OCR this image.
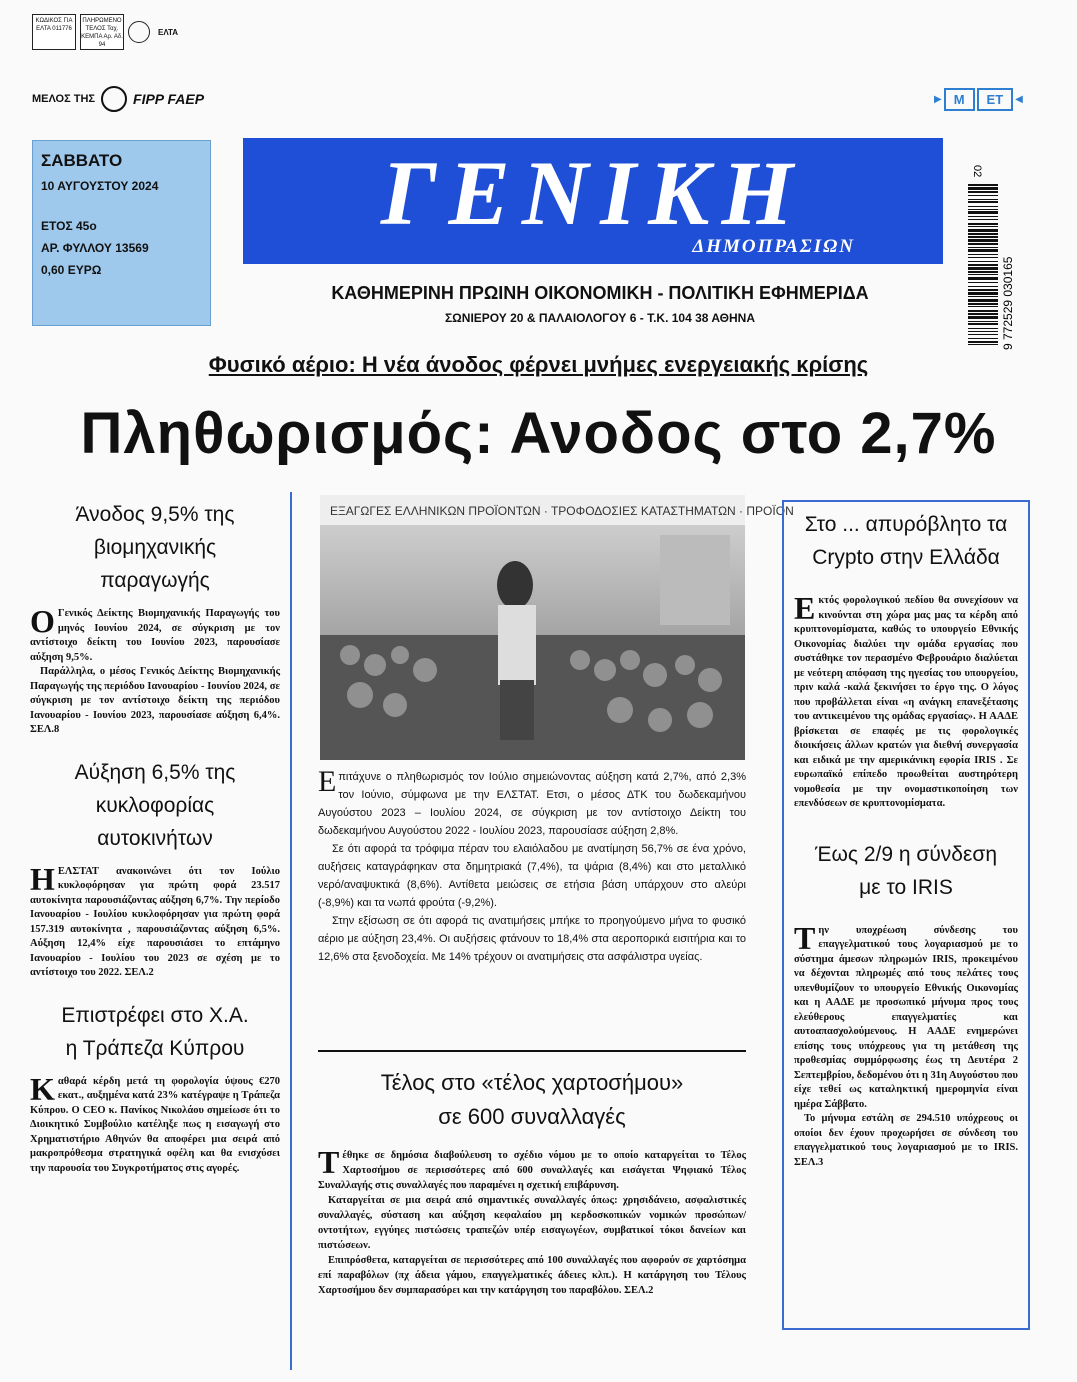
ΚΩΔΙΚΟΣ ΓΙΑ ΕΛΤΑ 011776
ΠΛΗΡΩΜΕΝΟ ΤΕΛΟΣ Ταχ. ΚΕΜΠΑ Αρ. Αδ. 94
ΕΛΤΑ
ΜΕΛΟΣ ΤΗΣ	FIPP FAEP	▶ M	ET	◀
ΣΑΒΒΑΤΟ
10 ΑΥΓΟΥΣΤΟΥ 2024
ΕΤΟΣ 45ο
ΑΡ. ΦΥΛΛΟΥ 13569
0,60 ΕΥΡΩ
ΓΕΝΙΚΗ
ΔΗΜΟΠΡΑΣΙΩΝ
ΚΑΘΗΜΕΡΙΝΗ ΠΡΩΙΝΗ ΟΙΚΟΝΟΜΙΚΗ - ΠΟΛΙΤΙΚΗ ΕΦΗΜΕΡΙΔΑ
ΣΩΝΙΕΡΟΥ 20 & ΠΑΛΑΙΟΛΟΓΟΥ 6 - Τ.Κ. 104 38 ΑΘΗΝΑ
02
9 772529 030165
Φυσικό αέριο: Η νέα άνοδος φέρνει μνήμες ενεργειακής κρίσης
Πληθωρισμός: Ανοδος στο 2,7%
Άνοδος 9,5% της βιομηχανικής παραγωγής
Ο Γενικός Δείκτης Βιομηχανικής Παραγωγής του μηνός Ιουνίου 2024, σε σύγκριση με τον αντίστοιχο δείκτη του Ιουνίου 2023, παρουσίασε αύξηση 9,5%.

Παράλληλα, ο μέσος Γενικός Δείκτης Βιομηχανικής Παραγωγής της περιόδου Ιανουαρίου - Ιουνίου 2024, σε σύγκριση με τον αντίστοιχο δείκτη της περιόδου Ιανουαρίου - Ιουνίου 2023, παρουσίασε αύξηση 6,4%. ΣΕΛ.8

Αύξηση 6,5% της κυκλοφορίας αυτοκινήτων
Η ΕΛΣΤΑΤ ανακοινώνει ότι τον Ιούλιο κυκλοφόρησαν για πρώτη φορά 23.517 αυτοκίνητα παρουσιάζοντας αύξηση 6,7%. Την περίοδο Ιανουαρίου - Ιουλίου κυκλοφόρησαν για πρώτη φορά 157.319 αυτοκίνητα , παρουσιάζοντας αύξηση 6,5%. Αύξηση 12,4% είχε παρουσιάσει το επτάμηνο Ιανουαρίου - Ιουλίου του 2023 σε σχέση με το αντίστοιχο του 2022. ΣΕΛ.2

Επιστρέφει στο Χ.Α. η Τράπεζα Κύπρου
Κ αθαρά κέρδη μετά τη φορολογία ύψους €270 εκατ., αυξημένα κατά 23% κατέγραψε η Τράπεζα Κύπρου. Ο CEO κ. Πανίκος Νικολάου σημείωσε ότι το Διοικητικό Συμβούλιο κατέληξε πως η εισαγωγή στο Χρηματιστήριο Αθηνών θα αποφέρει μια σειρά από μακροπρόθεσμα στρατηγικά οφέλη και θα ενισχύσει την παρουσία του Συγκροτήματος στις αγορές.

ΕΞΑΓΩΓΕΣ ΕΛΛΗΝΙΚΩΝ ΠΡΟΪΟΝΤΩΝ · ΤΡΟΦΟΔΟΣΙΕΣ ΚΑΤΑΣΤΗΜΑΤΩΝ · ΠΡΟΪΟΝ
Ε πιτάχυνε ο πληθωρισμός τον Ιούλιο σημειώνοντας αύξηση κατά 2,7%, από 2,3% τον Ιούνιο, σύμφωνα με την ΕΛΣΤΑΤ. Ετσι, ο μέσος ΔΤΚ του δωδεκαμήνου Αυγούστου 2023 – Ιουλίου 2024, σε σύγκριση με τον αντίστοιχο Δείκτη του δωδεκαμήνου Αυγούστου 2022 - Ιουλίου 2023, παρουσίασε αύξηση 2,8%.

Σε ότι αφορά τα τρόφιμα πέραν του ελαιόλαδου με ανατίμηση 56,7% σε ένα χρόνο, αυξήσεις καταγράφηκαν στα δημητριακά (7,4%), τα ψάρια (8,4%) και στο μεταλλικό νερό/αναψυκτικά (8,6%). Αντίθετα μειώσεις σε ετήσια βάση υπάρχουν στο αλεύρι (-8,9%) και τα νωπά φρούτα (-9,2%).

Στην εξίσωση σε ότι αφορά τις ανατιμήσεις μπήκε το προηγούμενο μήνα το φυσικό αέριο με αύξηση 23,4%. Οι αυξήσεις φτάνουν το 18,4% στα αεροπορικά εισιτήρια και το 12,6% στα ξενοδοχεία. Με 14% τρέχουν οι ανατιμήσεις στα ασφάλιστρα υγείας.

Τέλος στο «τέλος χαρτοσήμου» σε 600 συναλλαγές
Τ έθηκε σε δημόσια διαβούλευση το σχέδιο νόμου με το οποίο καταργείται το Τέλος Χαρτοσήμου σε περισσότερες από 600 συναλλαγές και εισάγεται Ψηφιακό Τέλος Συναλλαγής στις συναλλαγές που παραμένει η σχετική επιβάρυνση.

Καταργείται σε μια σειρά από σημαντικές συναλλαγές όπως: χρησιδάνειο, ασφαλιστικές συναλλαγές, σύσταση και αύξηση κεφαλαίου μη κερδοσκοπικών νομικών προσώπων/οντοτήτων, εγγύηες πιστώσεις τραπεζών υπέρ εισαγωγέων, συμβατικοί τόκοι δανείων και πιστώσεων.

Επιπρόσθετα, καταργείται σε περισσότερες από 100 συναλλαγές που αφορούν σε χαρτόσημα επί παραβόλων (πχ άδεια γάμου, επαγγελματικές άδειες κλπ.). Η κατάργηση του Τέλους Χαρτοσήμου δεν συμπαρασύρει και την κατάργηση του παραβόλου. ΣΕΛ.2

Στο ... απυρόβλητο τα Crypto στην Ελλάδα
Ε κτός φορολογικού πεδίου θα συνεχίσουν να κινούνται στη χώρα μας μας τα κέρδη από κρυπτονομίσματα, καθώς το υπουργείο Εθνικής Οικονομίας διαλύει την ομάδα εργασίας που συστάθηκε τον περασμένο Φεβρουάριο διαλύεται με νεότερη απόφαση της ηγεσίας του υπουργείου, πριν καλά -καλά ξεκινήσει το έργο της. Ο λόγος που προβάλλεται είναι «η ανάγκη επανεξέτασης του αντικειμένου της ομάδας εργασίας». Η ΑΑΔΕ βρίσκεται σε επαφές με τις φορολογικές διοικήσεις άλλων κρατών για διεθνή συνεργασία και ειδικά με την αμερικάνικη εφορία IRIS . Σε ευρωπαϊκό επίπεδο προωθείται αυστηρότερη νομοθεσία με την ονομαστικοποίηση των επενδύσεων σε κρυπτονομίσματα.

Έως 2/9 η σύνδεση με το IRIS
Τ ην υποχρέωση σύνδεσης του επαγγελματικού τους λογαριασμού με το σύστημα άμεσων πληρωμών IRIS, προκειμένου να δέχονται πληρωμές από τους πελάτες τους υπενθυμίζουν το υπουργείο Εθνικής Οικονομίας και η ΑΑΔΕ με προσωπικό μήνυμα προς τους ελεύθερους επαγγελματίες και αυτοαπασχολούμενους. Η ΑΑΔΕ ενημερώνει επίσης τους υπόχρεους για τη μετάθεση της προθεσμίας συμμόρφωσης έως τη Δευτέρα 2 Σεπτεμβρίου, δεδομένου ότι η 31η Αυγούστου που είχε τεθεί ως καταληκτική ημερομηνία είναι ημέρα Σάββατο.

Το μήνυμα εστάλη σε 294.510 υπόχρεους οι οποίοι δεν έχουν προχωρήσει σε σύνδεση του επαγγελματικού τους λογαριασμού με το IRIS. ΣΕΛ.3
